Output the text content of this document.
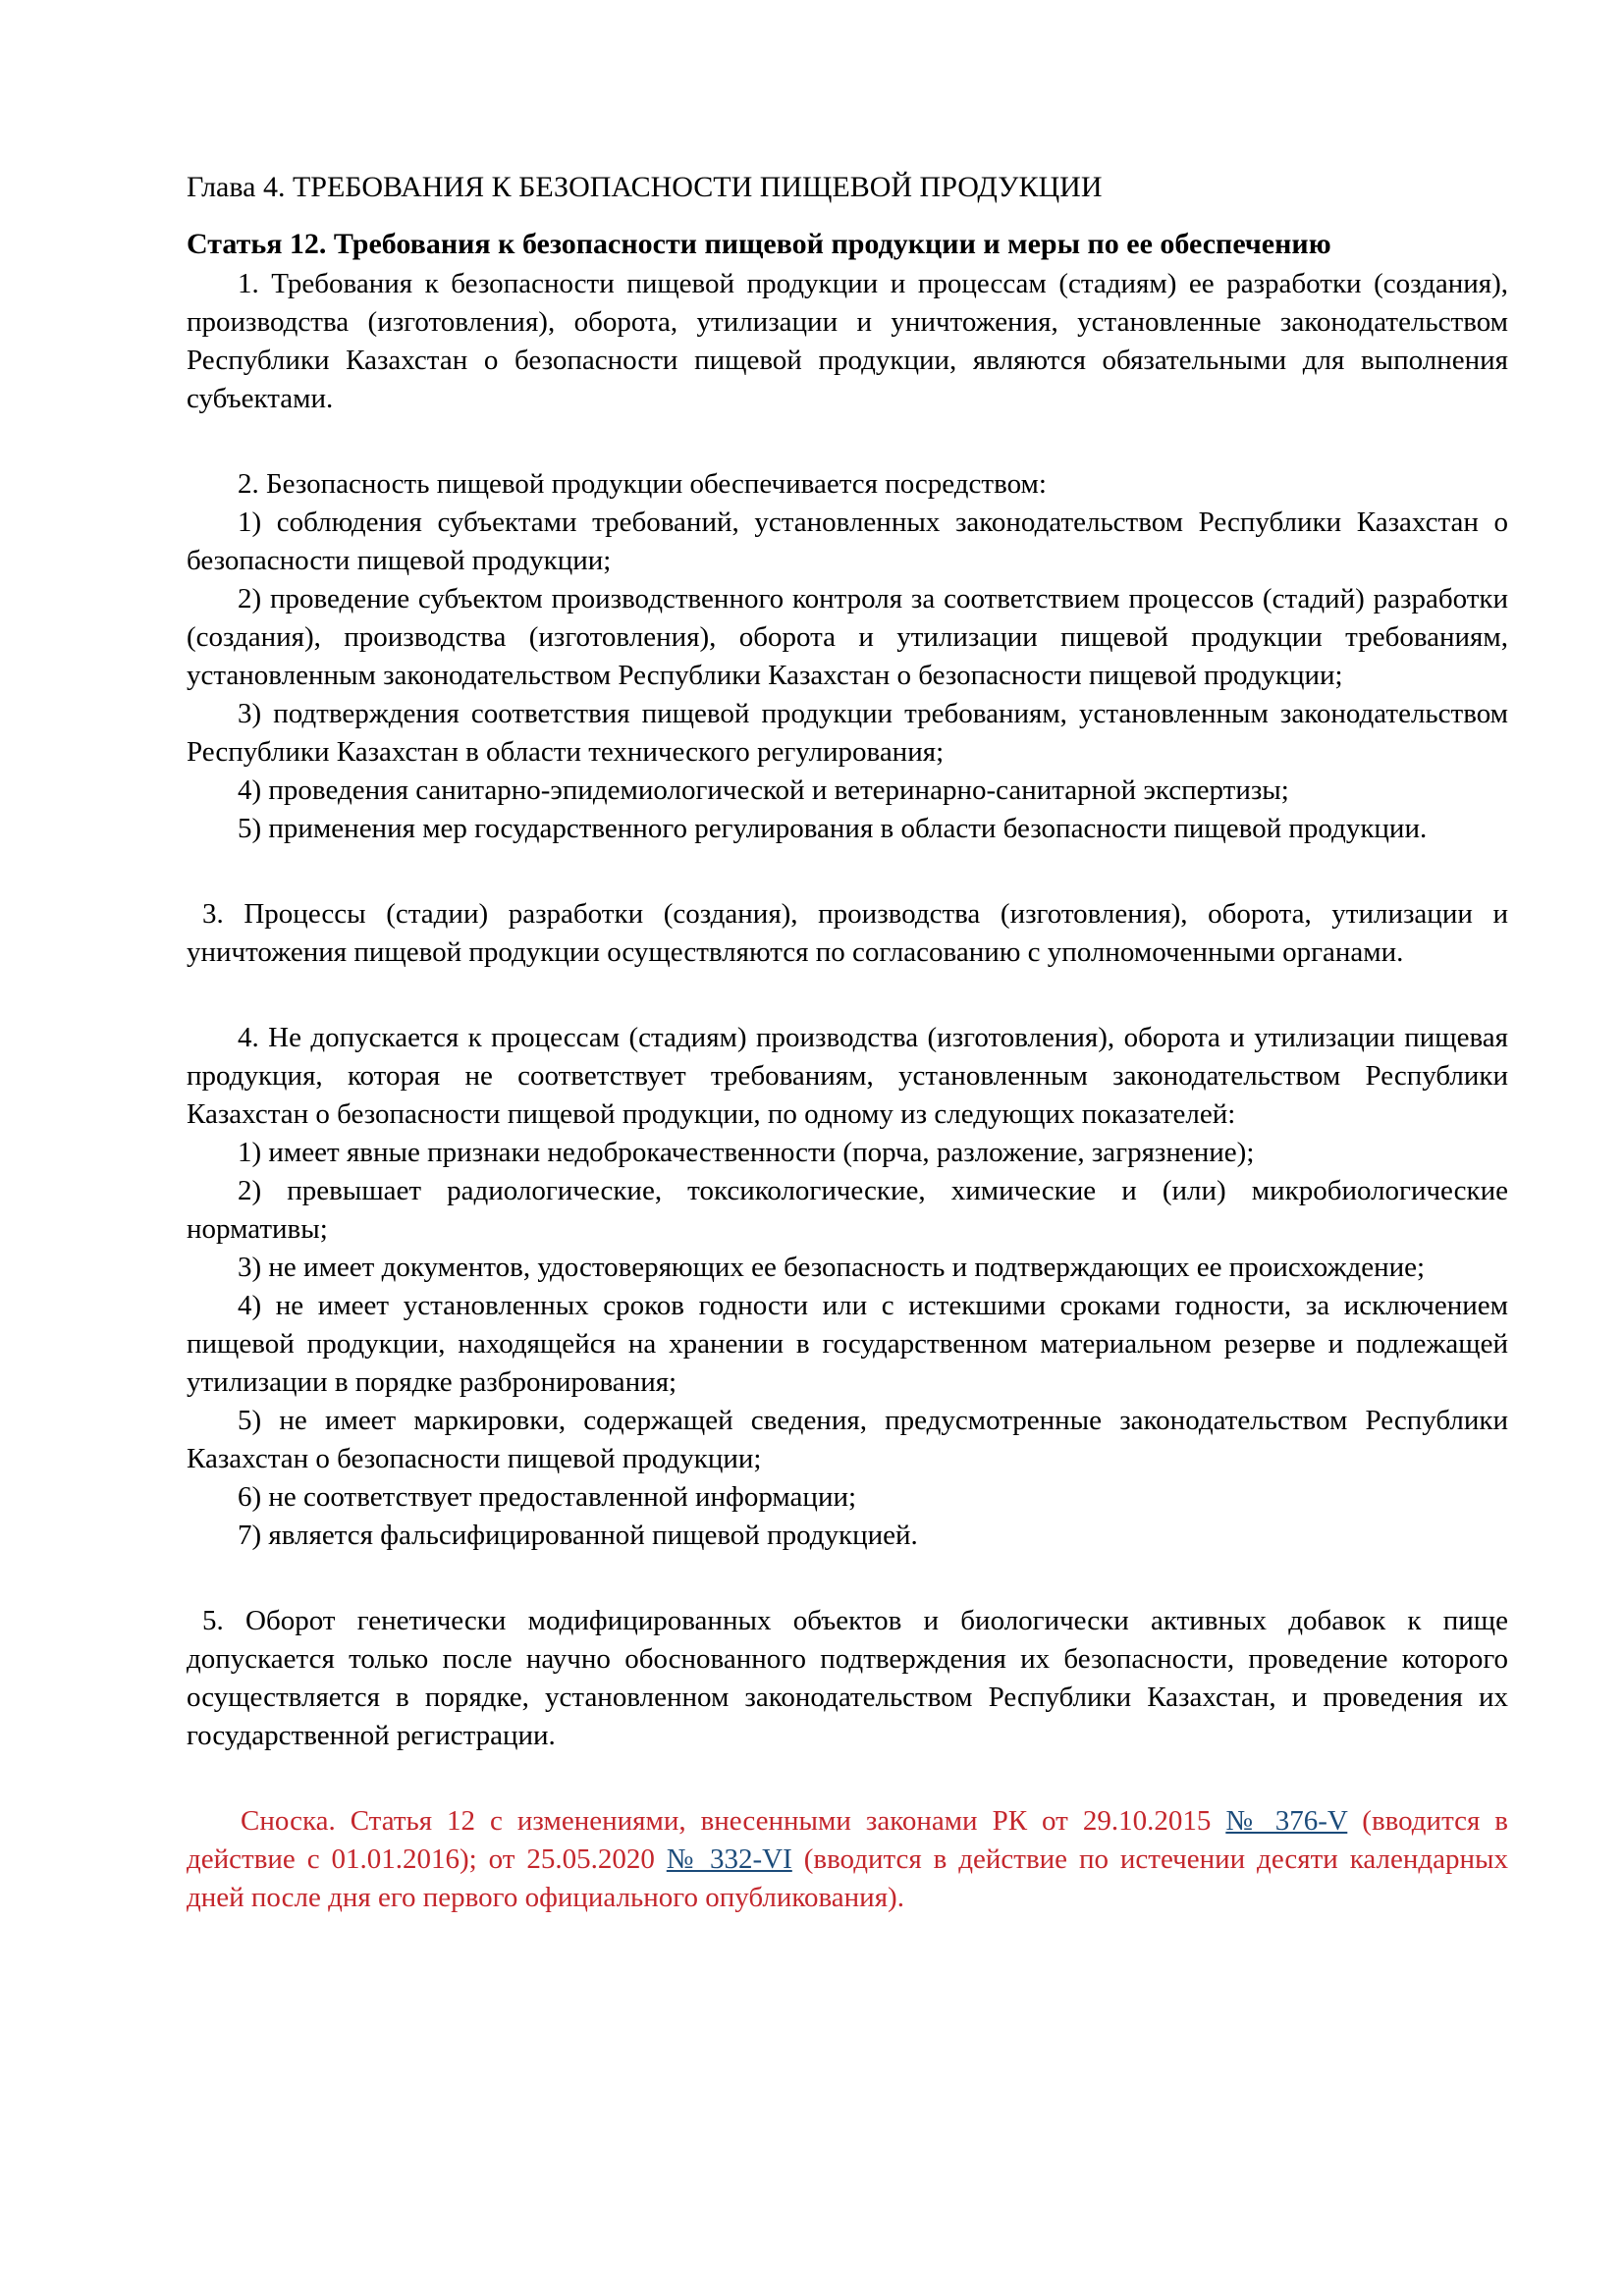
Глава 4. ТРЕБОВАНИЯ К БЕЗОПАСНОСТИ ПИЩЕВОЙ ПРОДУКЦИИ
Статья 12. Требования к безопасности пищевой продукции и меры по ее обеспечению

1. Требования к безопасности пищевой продукции и процессам (стадиям) ее разработки (создания), производства (изготовления), оборота, утилизации и уничтожения, установленные законодательством Республики Казахстан о безопасности пищевой продукции, являются обязательными для выполнения субъектами.

2. Безопасность пищевой продукции обеспечивается посредством:

1) соблюдения субъектами требований, установленных законодательством Республики Казахстан о безопасности пищевой продукции;

2) проведение субъектом производственного контроля за соответствием процессов (стадий) разработки (создания), производства (изготовления), оборота и утилизации пищевой продукции требованиям, установленным законодательством Республики Казахстан о безопасности пищевой продукции;

3) подтверждения соответствия пищевой продукции требованиям, установленным законодательством Республики Казахстан в области технического регулирования;

4) проведения санитарно-эпидемиологической и ветеринарно-санитарной экспертизы;

5) применения мер государственного регулирования в области безопасности пищевой продукции.

3. Процессы (стадии) разработки (создания), производства (изготовления), оборота, утилизации и уничтожения пищевой продукции осуществляются по согласованию с уполномоченными органами.

4. Не допускается к процессам (стадиям) производства (изготовления), оборота и утилизации пищевая продукция, которая не соответствует требованиям, установленным законодательством Республики Казахстан о безопасности пищевой продукции, по одному из следующих показателей:

1) имеет явные признаки недоброкачественности (порча, разложение, загрязнение);

2) превышает радиологические, токсикологические, химические и (или) микробиологические нормативы;

3) не имеет документов, удостоверяющих ее безопасность и подтверждающих ее происхождение;

4) не имеет установленных сроков годности или с истекшими сроками годности, за исключением пищевой продукции, находящейся на хранении в государственном материальном резерве и подлежащей утилизации в порядке разбронирования;

5) не имеет маркировки, содержащей сведения, предусмотренные законодательством Республики Казахстан о безопасности пищевой продукции;

6) не соответствует предоставленной информации;

7) является фальсифицированной пищевой продукцией.

5. Оборот генетически модифицированных объектов и биологически активных добавок к пище допускается только после научно обоснованного подтверждения их безопасности, проведение которого осуществляется в порядке, установленном законодательством Республики Казахстан, и проведения их государственной регистрации.

Сноска. Статья 12 с изменениями, внесенными законами РК от 29.10.2015 № 376-V (вводится в действие с 01.01.2016); от 25.05.2020 № 332-VI (вводится в действие по истечении десяти календарных дней после дня его первого официального опубликования).
